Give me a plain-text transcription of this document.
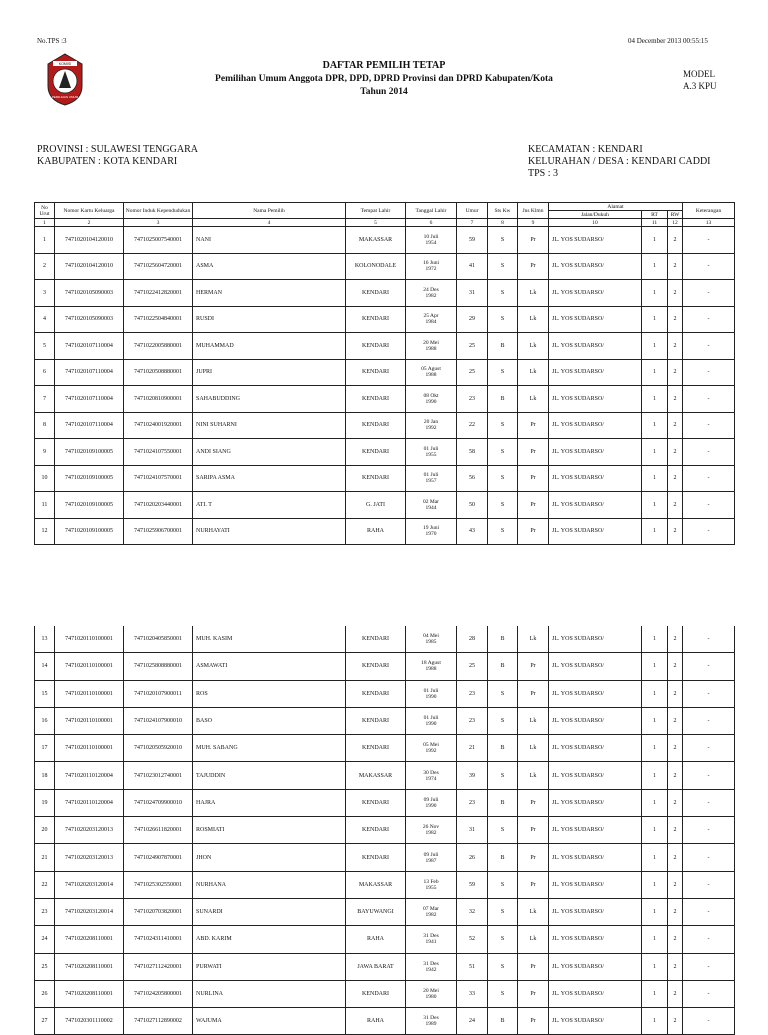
No.TPS :3	04 December 2013 00:55:15
KOMISI
PEMILIHAN UMUM
DAFTAR PEMILIH TETAP
Pemilihan Umum Anggota DPR, DPD, DPRD Provinsi dan DPRD Kabupaten/Kota
Tahun 2014
MODEL
A.3 KPU
PROVINSI : SULAWESI TENGGARA
KABUPATEN : KOTA KENDARI
KECAMATAN : KENDARI
KELURAHAN / DESA : KENDARI CADDI
TPS : 3
No Urut	Nomor Kartu Keluarga	Nomor Induk Kependudukan	Nama Pemilih	Tempat Lahir	Tanggal Lahir	Umur	Sts Kw	Jns Klmn	Alamat			Keterangan
									Jalan/Dukuh	RT	RW	
1	2	3	4	5	6	7	8	9	10	11	12	13
1	7471020104120010	7471025007540001	NANI	MAKASSAR	10 Juli
1954	59	S	Pr	JL. YOS SUDARSO/	1	2	-
2	7471020104120010	7471025604720001	ASMA	KOLONODALE	16 Juni
1972	41	S	Pr	JL. YOS SUDARSO/	1	2	-
3	7471020105090003	7471022412820001	HERMAN	KENDARI	24 Des
1982	31	S	Lk	JL. YOS SUDARSO/	1	2	-
4	7471020105090003	7471022504840001	RUSDI	KENDARI	25 Apr
1984	29	S	Lk	JL. YOS SUDARSO/	1	2	-
5	7471020107110004	7471022005880001	MUHAMMAD	KENDARI	20 Mei
1988	25	B	Lk	JL. YOS SUDARSO/	1	2	-
6	7471020107110004	7471020508880001	JUPRI	KENDARI	05 Agust
1988	25	S	Lk	JL. YOS SUDARSO/	1	2	-
7	7471020107110004	7471020810900001	SAHABUDDING	KENDARI	08 Okt
1990	23	B	Lk	JL. YOS SUDARSO/	1	2	-
8	7471020107110004	7471024001920001	NINI SUHARNI	KENDARI	20 Jan
1992	22	S	Pr	JL. YOS SUDARSO/	1	2	-
9	7471020109100005	7471024107550001	ANDI SIANG	KENDARI	01 Juli
1955	58	S	Pr	JL. YOS SUDARSO/	1	2	-
10	7471020109100005	7471024107570001	SARIPA ASMA	KENDARI	01 Juli
1957	56	S	Pr	JL. YOS SUDARSO/	1	2	-
11	7471020109100005	7471020203440001	ATI. T	G. JATI	02 Mar
1944	50	S	Pr	JL. YOS SUDARSO/	1	2	-
12	7471020109100005	7471025906700001	NURHAYATI	RAHA	19 Juni
1970	43	S	Pr	JL. YOS SUDARSO/	1	2	-
13	7471020110100001	7471020405850001	MUH. KASIM	KENDARI	04 Mei
1985	28	B	Lk	JL. YOS SUDARSO/	1	2	-
14	7471020110100001	7471025808880001	ASMAWATI	KENDARI	18 Agust
1988	25	B	Pr	JL. YOS SUDARSO/	1	2	-
15	7471020110100001	7471020107900011	ROS	KENDARI	01 Juli
1990	23	S	Pr	JL. YOS SUDARSO/	1	2	-
16	7471020110100001	7471024107900010	BASO	KENDARI	01 Juli
1990	23	S	Lk	JL. YOS SUDARSO/	1	2	-
17	7471020110100001	7471020505920010	MUH. SABANG	KENDARI	05 Mei
1992	21	B	Lk	JL. YOS SUDARSO/	1	2	-
18	7471020110120004	7471023012740001	TAJUDDIN	MAKASSAR	30 Des
1974	39	S	Lk	JL. YOS SUDARSO/	1	2	-
19	7471020110120004	7471024709900010	HAJRA	KENDARI	09 Juli
1990	23	B	Pr	JL. YOS SUDARSO/	1	2	-
20	7471020203120013	7471026611820001	ROSMIATI	KENDARI	26 Nov
1982	31	S	Pr	JL. YOS SUDARSO/	1	2	-
21	7471020203120013	7471024907870001	JHON	KENDARI	09 Juli
1987	26	B	Pr	JL. YOS SUDARSO/	1	2	-
22	7471020203120014	7471025302550001	NURHANA	MAKASSAR	13 Feb
1955	59	S	Pr	JL. YOS SUDARSO/	1	2	-
23	7471020203120014	7471020703820001	SUNARDI	BAYUWANGI	07 Mar
1982	32	S	Lk	JL. YOS SUDARSO/	1	2	-
24	7471020208110001	7471024311410001	ABD. KARIM	RAHA	31 Des
1941	52	S	Lk	JL. YOS SUDARSO/	1	2	-
25	7471020208110001	7471027112420001	PURWATI	JAWA BARAT	31 Des
1942	51	S	Pr	JL. YOS SUDARSO/	1	2	-
26	7471020208110001	7471024205800001	NURLINA	KENDARI	20 Mei
1980	33	S	Pr	JL. YOS SUDARSO/	1	2	-
27	7471020301110002	7471027112890002	WAJUMA	RAHA	31 Des
1989	24	B	Pr	JL. YOS SUDARSO/	1	2	-
